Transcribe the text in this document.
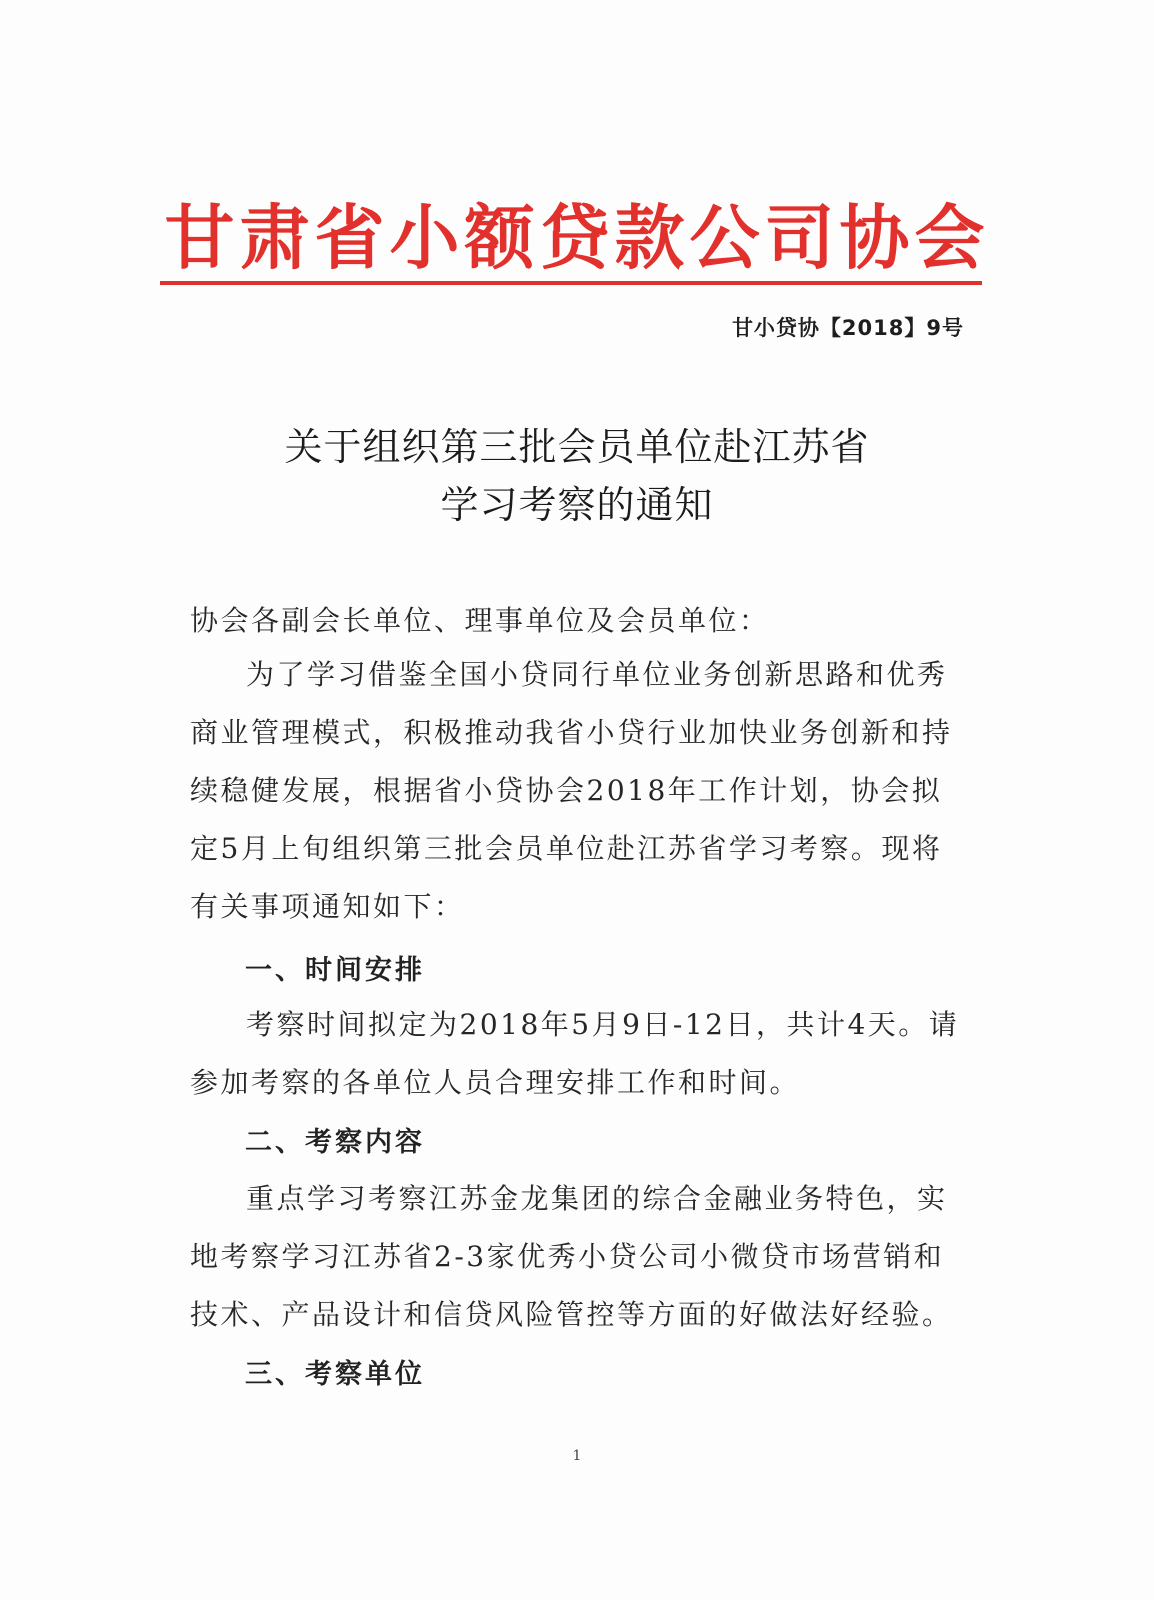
甘肃省小额贷款公司协会
甘小贷协【2018】9号
关于组织第三批会员单位赴江苏省
学习考察的通知
协会各副会长单位、理事单位及会员单位：
为了学习借鉴全国小贷同行单位业务创新思路和优秀商业管理模式，积极推动我省小贷行业加快业务创新和持续稳健发展，根据省小贷协会2018年工作计划，协会拟定5月上旬组织第三批会员单位赴江苏省学习考察。现将有关事项通知如下：
一、时间安排
考察时间拟定为2018年5月9日-12日，共计4天。请参加考察的各单位人员合理安排工作和时间。
二、考察内容
重点学习考察江苏金龙集团的综合金融业务特色，实地考察学习江苏省2-3家优秀小贷公司小微贷市场营销和技术、产品设计和信贷风险管控等方面的好做法好经验。
三、考察单位
1
